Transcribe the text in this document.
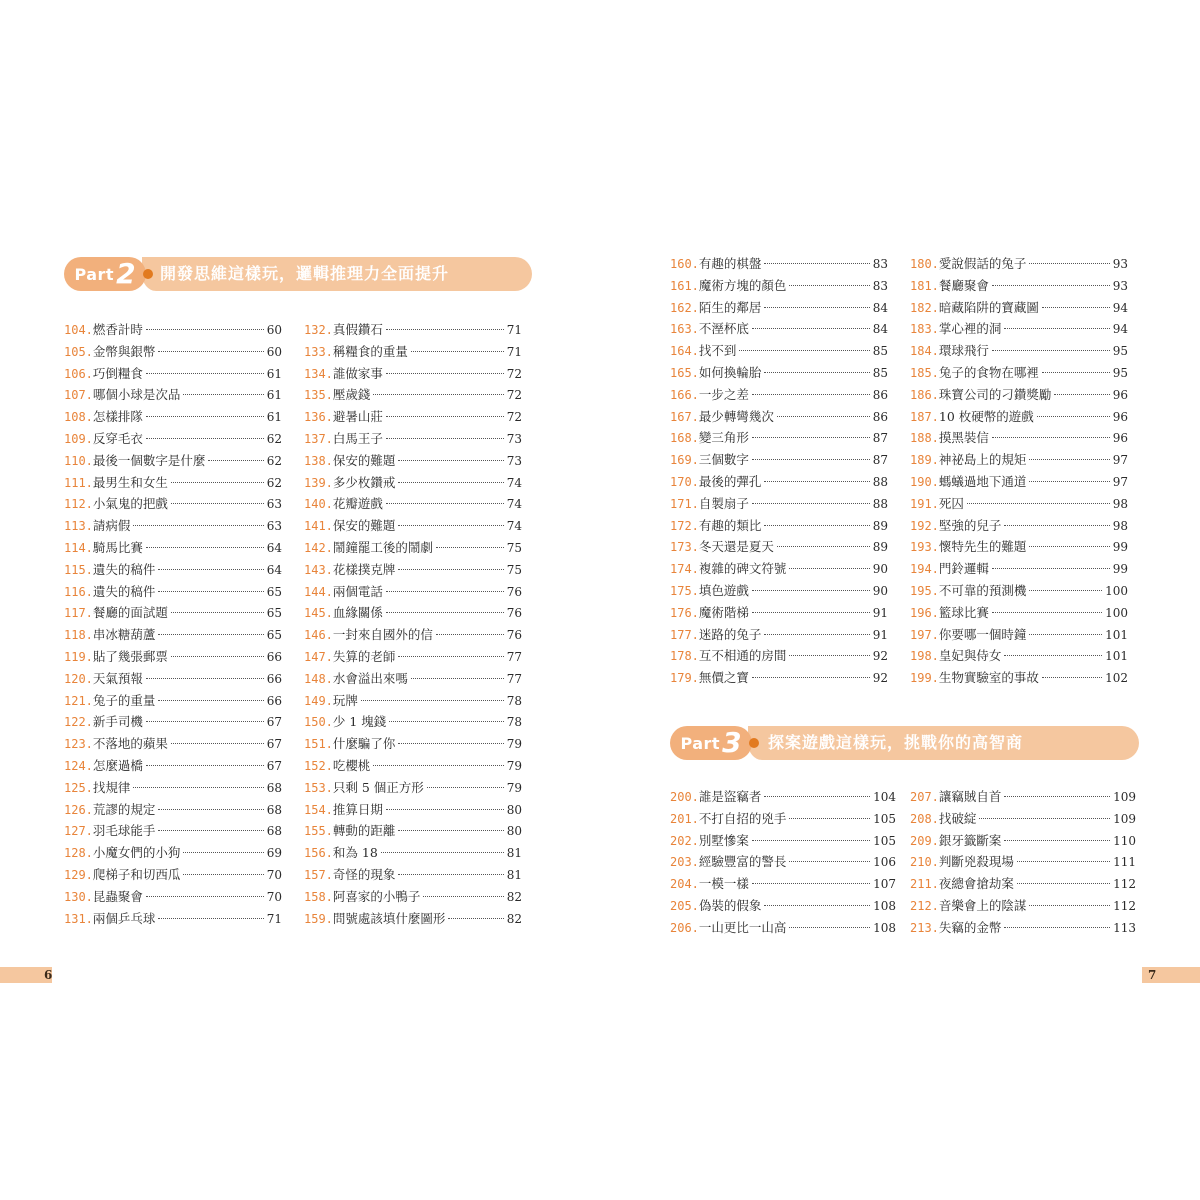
Part 2 開發思維這樣玩，邏輯推理力全面提升
104. 燃香計時	60
105. 金幣與銀幣	60
106. 巧倒糧食	61
107. 哪個小球是次品	61
108. 怎樣排隊	61
109. 反穿毛衣	62
110. 最後一個數字是什麼	62
111. 最男生和女生	62
112. 小氣鬼的把戲	63
113. 請病假	63
114. 騎馬比賽	64
115. 遺失的稿件	64
116. 遺失的稿件	65
117. 餐廳的面試題	65
118. 串冰糖葫蘆	65
119. 貼了幾張郵票	66
120. 天氣預報	66
121. 兔子的重量	66
122. 新手司機	67
123. 不落地的蘋果	67
124. 怎麼過橋	67
125. 找規律	68
126. 荒謬的規定	68
127. 羽毛球能手	68
128. 小魔女們的小狗	69
129. 爬梯子和切西瓜	70
130. 昆蟲聚會	70
131. 兩個乒乓球	71
132. 真假鑽石	71
133. 稱糧食的重量	71
134. 誰做家事	72
135. 壓歲錢	72
136. 避暑山莊	72
137. 白馬王子	73
138. 保安的難題	73
139. 多少枚鑽戒	74
140. 花瓣遊戲	74
141. 保安的難題	74
142. 鬧鐘罷工後的鬧劇	75
143. 花樣撲克牌	75
144. 兩個電話	76
145. 血緣關係	76
146. 一封來自國外的信	76
147. 失算的老師	77
148. 水會溢出來嗎	77
149. 玩牌	78
150. 少 1 塊錢	78
151. 什麼騙了你	79
152. 吃櫻桃	79
153. 只剩 5 個正方形	79
154. 推算日期	80
155. 轉動的距離	80
156. 和為 18	81
157. 奇怪的現象	81
158. 阿喜家的小鴨子	82
159. 問號處該填什麼圖形	82
6
160. 有趣的棋盤	83
161. 魔術方塊的顏色	83
162. 陌生的鄰居	84
163. 不溼杯底	84
164. 找不到	85
165. 如何換輪胎	85
166. 一步之差	86
167. 最少轉彎幾次	86
168. 變三角形	87
169. 三個數字	87
170. 最後的彈孔	88
171. 自製扇子	88
172. 有趣的類比	89
173. 冬天還是夏天	89
174. 複雜的碑文符號	90
175. 填色遊戲	90
176. 魔術階梯	91
177. 迷路的兔子	91
178. 互不相通的房間	92
179. 無價之寶	92
180. 愛說假話的兔子	93
181. 餐廳聚會	93
182. 暗藏陷阱的寶藏圖	94
183. 掌心裡的洞	94
184. 環球飛行	95
185. 兔子的食物在哪裡	95
186. 珠寶公司的刁鑽獎勵	96
187. 10 枚硬幣的遊戲	96
188. 摸黑裝信	96
189. 神祕島上的規矩	97
190. 螞蟻過地下通道	97
191. 死囚	98
192. 堅強的兒子	98
193. 懷特先生的難題	99
194. 門鈴邏輯	99
195. 不可靠的預測機	100
196. 籃球比賽	100
197. 你要哪一個時鐘	101
198. 皇妃與侍女	101
199. 生物實驗室的事故	102
Part 3 探案遊戲這樣玩，挑戰你的高智商
200. 誰是盜竊者	104
201. 不打自招的兇手	105
202. 別墅慘案	105
203. 經驗豐富的警長	106
204. 一模一樣	107
205. 偽裝的假象	108
206. 一山更比一山高	108
207. 讓竊賊自首	109
208. 找破綻	109
209. 銀牙籤斷案	110
210. 判斷兇殺現場	111
211. 夜總會搶劫案	112
212. 音樂會上的陰謀	112
213. 失竊的金幣	113
7
